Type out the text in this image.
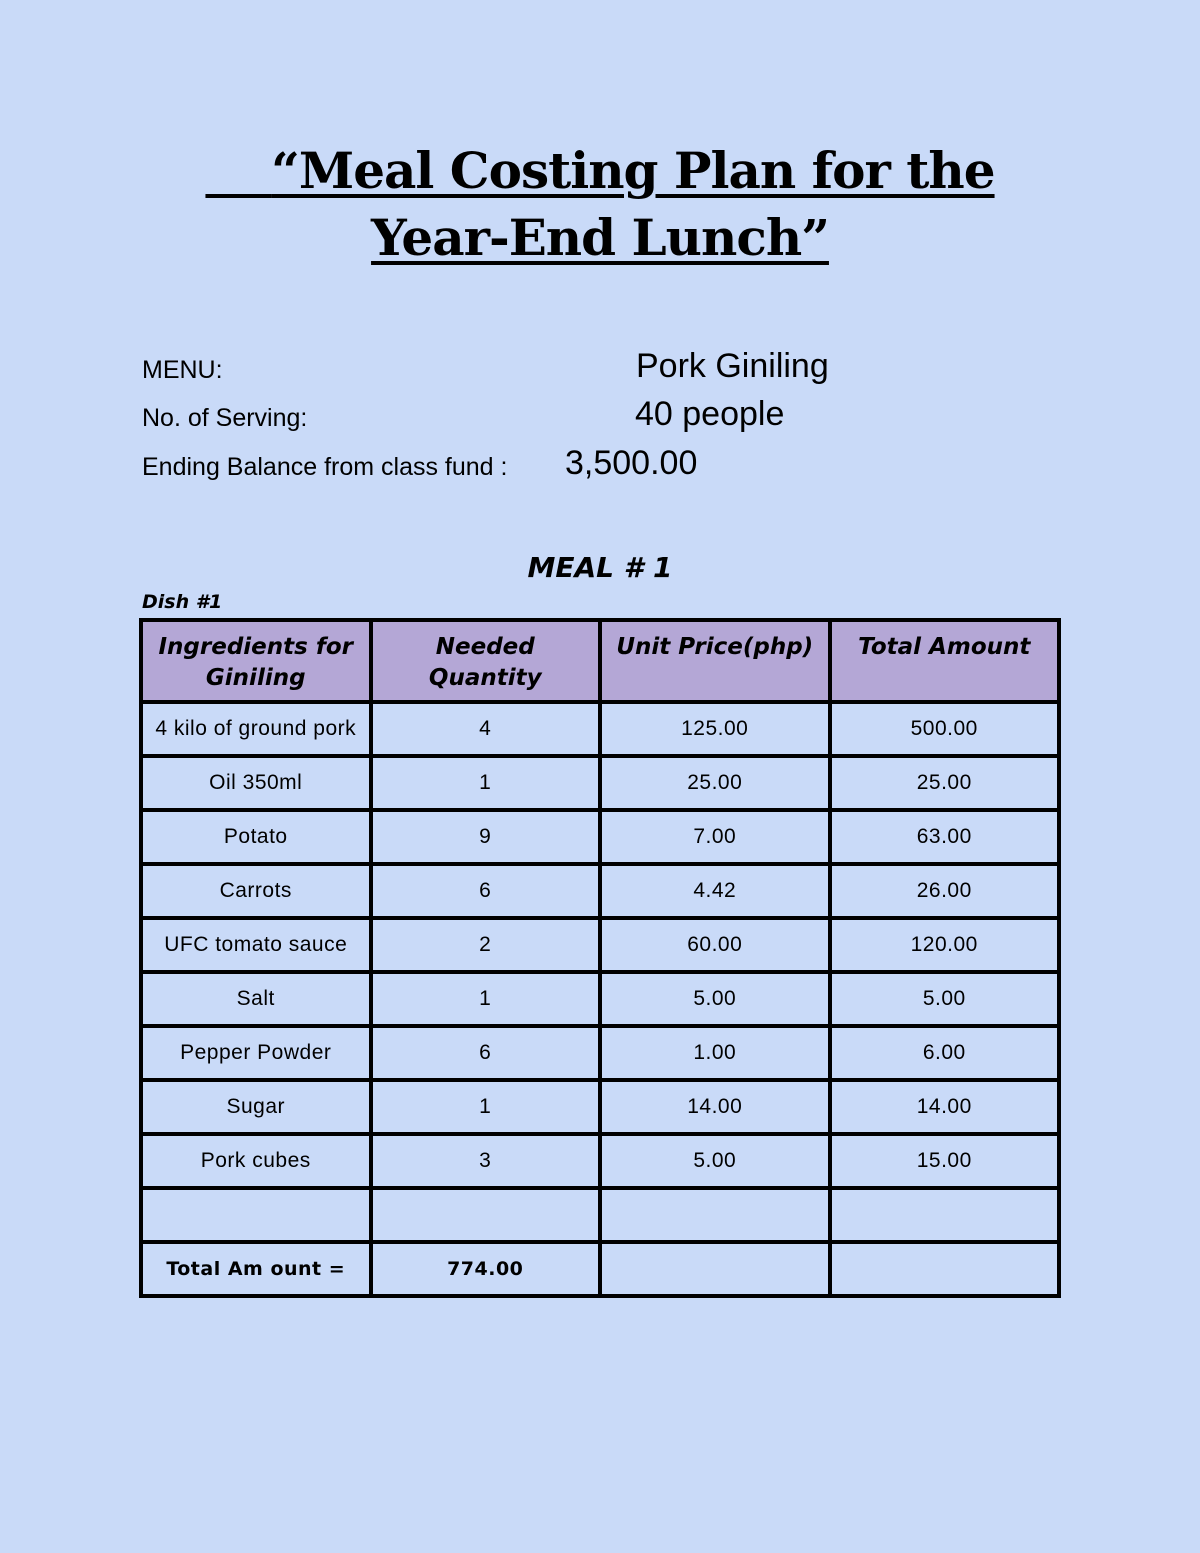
“Meal Costing Plan for the
Year-End Lunch”
MENU:	Pork Giniling
No. of Serving:	40 people
Ending Balance from class fund : 3,500.00
MEAL # 1
Dish #1
Ingredients for Giniling	Needed Quantity	Unit Price(php)	Total Amount
4 kilo of ground pork	4	125.00	500.00
Oil 350ml	1	25.00	25.00
Potato	9	7.00	63.00
Carrots	6	4.42	26.00
UFC tomato sauce	2	60.00	120.00
Salt	1	5.00	5.00
Pepper Powder	6	1.00	6.00
Sugar	1	14.00	14.00
Pork cubes	3	5.00	15.00

Total Am ount =	774.00		
